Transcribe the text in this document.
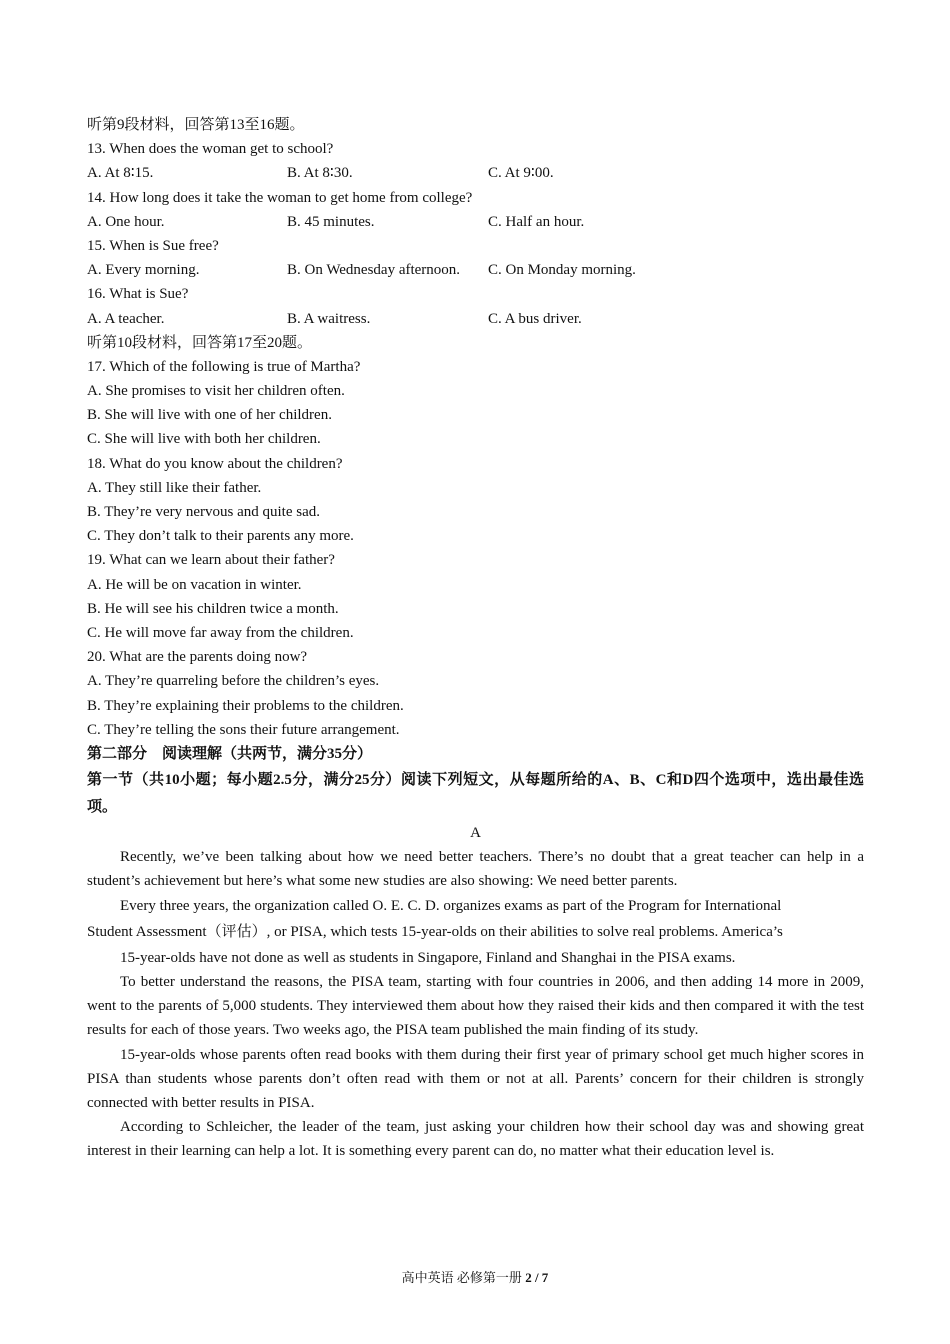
听第9段材料，回答第13至16题。
13. When does the woman get to school?
A. At 8∶15.	B. At 8∶30.	C. At 9∶00.
14. How long does it take the woman to get home from college?
A. One hour.	B. 45 minutes.	C. Half an hour.
15. When is Sue free?
A. Every morning.	B. On Wednesday afternoon.	C. On Monday morning.
16. What is Sue?
A. A teacher.	B. A waitress.	C. A bus driver.
听第10段材料，回答第17至20题。
17. Which of the following is true of Martha?
A. She promises to visit her children often.
B. She will live with one of her children.
C. She will live with both her children.
18. What do you know about the children?
A. They still like their father.
B. They’re very nervous and quite sad.
C. They don’t talk to their parents any more.
19. What can we learn about their father?
A. He will be on vacation in winter.
B. He will see his children twice a month.
C. He will move far away from the children.
20. What are the parents doing now?
A. They’re quarreling before the children’s eyes.
B. They’re explaining their problems to the children.
C. They’re telling the sons their future arrangement.
第二部分　阅读理解（共两节，满分35分）
第一节（共10小题；每小题2.5分，满分25分）阅读下列短文，从每题所给的A、B、C和D四个选项中，选出最佳选项。
A
Recently, we’ve been talking about how we need better teachers. There’s no doubt that a great teacher can help in a student’s achievement but here’s what some new studies are also showing: We need better parents.
Every three years, the organization called O. E. C. D. organizes exams as part of the Program for International
Student Assessment（评估）, or PISA, which tests 15-year-olds on their abilities to solve real problems. America’s
15-year-olds have not done as well as students in Singapore, Finland and Shanghai in the PISA exams.
To better understand the reasons, the PISA team, starting with four countries in 2006, and then adding 14 more in 2009, went to the parents of 5,000 students. They interviewed them about how they raised their kids and then compared it with the test results for each of those years. Two weeks ago, the PISA team published the main finding of its study.
15-year-olds whose parents often read books with them during their first year of primary school get much higher scores in PISA than students whose parents don’t often read with them or not at all. Parents’ concern for their children is strongly connected with better results in PISA.
According to Schleicher, the leader of the team, just asking your children how their school day was and showing great interest in their learning can help a lot. It is something every parent can do, no matter what their education level is.
高中英语 必修第一册 2 / 7
